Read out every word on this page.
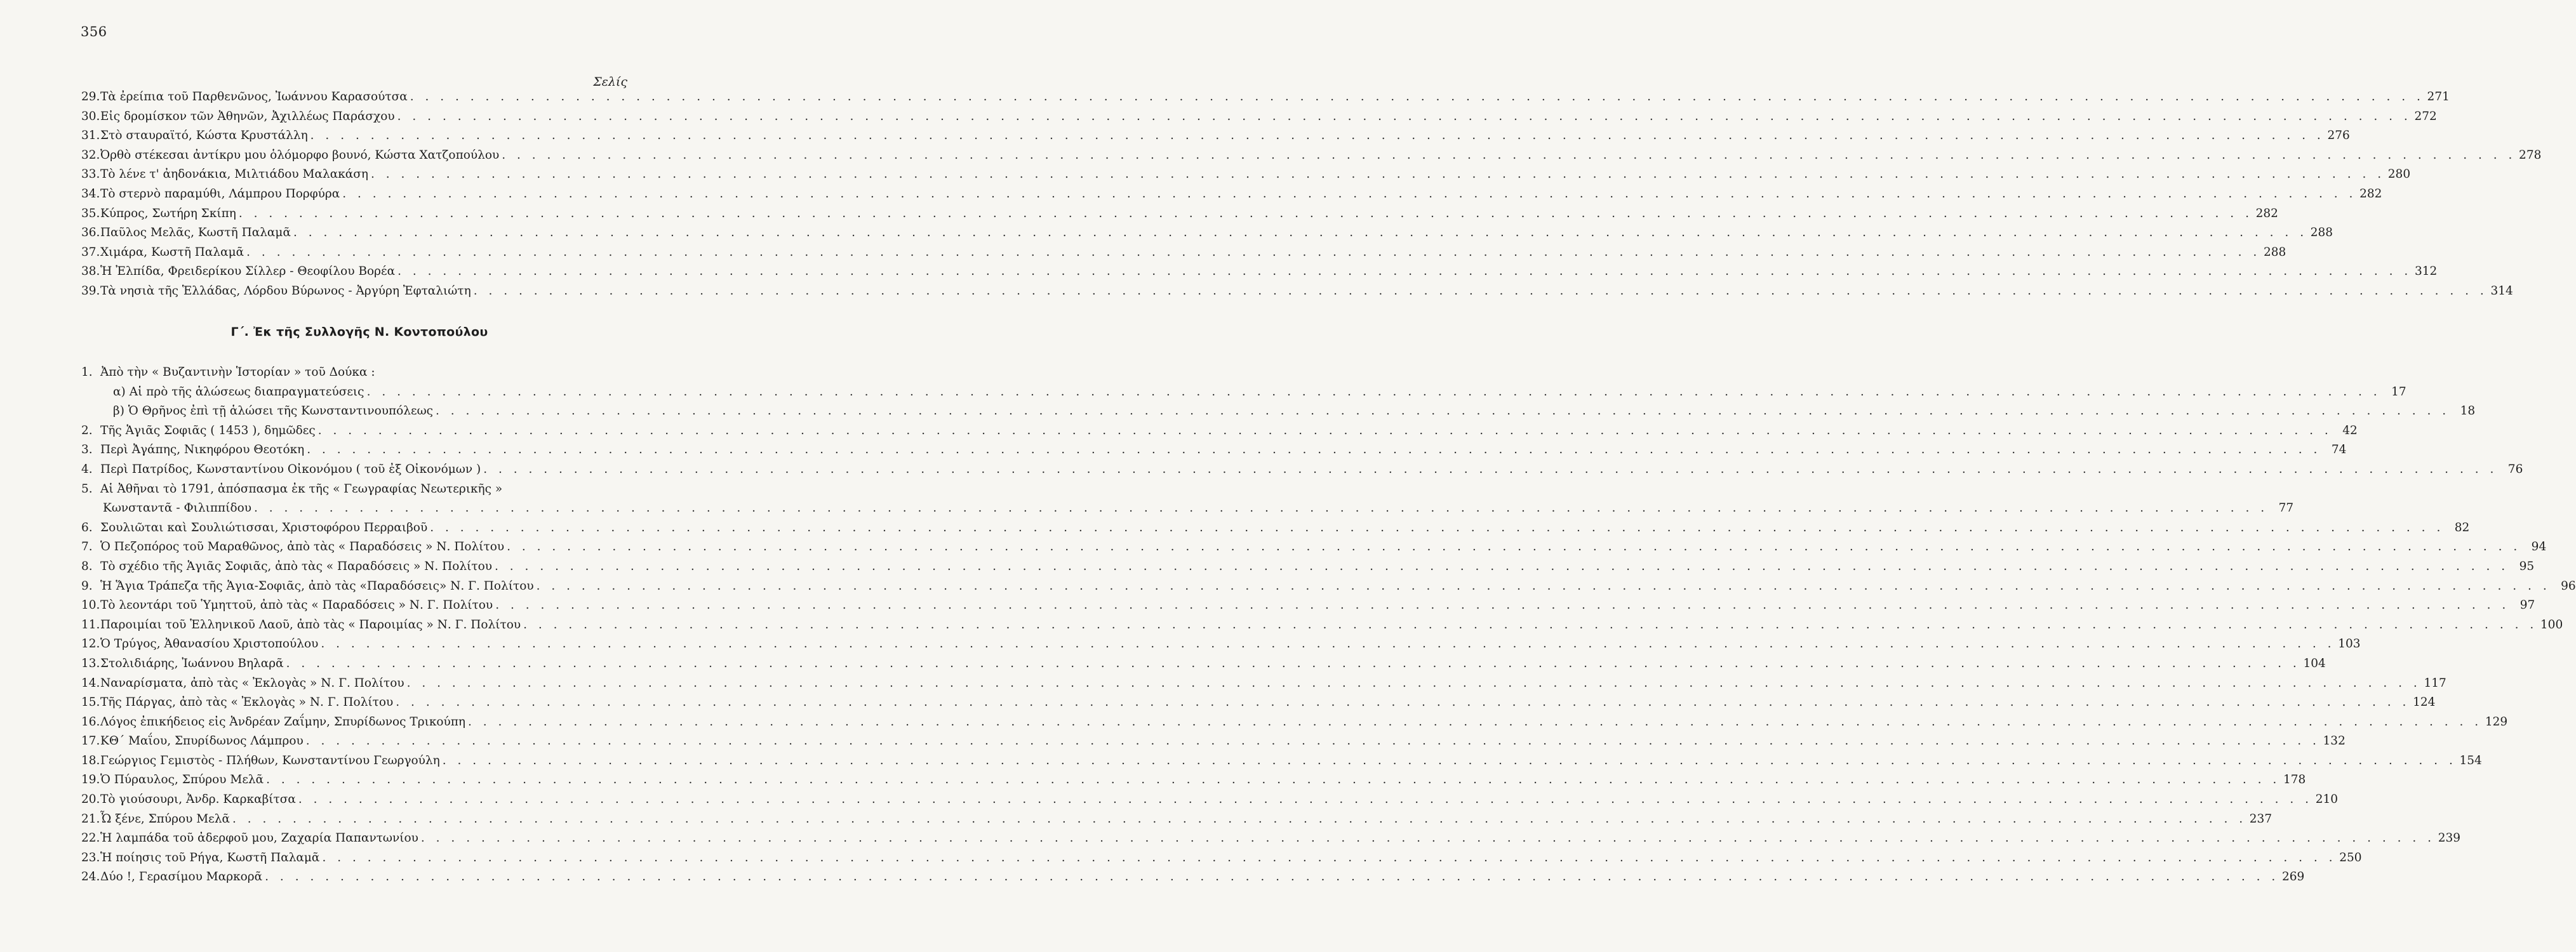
356
Σελίς
29. Τὰ ἐρείπια τοῦ Παρθενῶνος, Ἰωάννου Καρασούτσα . . .	271
30. Εἰς δρομίσκον τῶν Ἀθηνῶν, Ἀχιλλέως Παράσχου . . .	272
31. Στὸ σταυραϊτό, Κώστα Κρυστάλλη . . .	276
32. Ὀρθὸ στέκεσαι ἀντίκρυ μου ὁλόμορφο βουνό, Κώστα Χατζοπούλου . . .	278
33. Τὸ λένε τ' ἀηδονάκια, Μιλτιάδου Μαλακάση . . .	280
34. Τὸ στερνὸ παραμύθι, Λάμπρου Πορφύρα . . .	282
35. Κύπρος, Σωτήρη Σκίπη . . .	282
36. Παῦλος Μελᾶς, Κωστῆ Παλαμᾶ . . .	288
37. Χιμάρα, Κωστῆ Παλαμᾶ . . .	288
38. Ἡ Ἐλπίδα, Φρειδερίκου Σίλλερ - Θεοφίλου Βορέα . . .	312
39. Τὰ νησιὰ τῆς Ἑλλάδας, Λόρδου Βύρωνος - Ἀργύρη Ἐφταλιώτη . . .	314
Γ΄. Ἐκ τῆς Συλλογῆς Ν. Κοντοπούλου
1. Ἀπὸ τὴν « Βυζαντινὴν Ἱστορίαν » τοῦ Δούκα :
α) Αἱ πρὸ τῆς ἁλώσεως διαπραγματεύσεις . . .	17
β) Ὁ Θρῆνος ἐπὶ τῇ ἁλώσει τῆς Κωνσταντινουπόλεως . . .	18
2. Τῆς Ἁγιᾶς Σοφιᾶς ( 1453 ), δημῶδες . . .	42
3. Περὶ Ἀγάπης, Νικηφόρου Θεοτόκη . . .	74
4. Περὶ Πατρίδος, Κωνσταντίνου Οἰκονόμου ( τοῦ ἐξ Οἰκονόμων ) . . .	76
5. Αἱ Ἀθῆναι τὸ 1791, ἀπόσπασμα ἐκ τῆς « Γεωγραφίας Νεωτερικῆς »
Κωνσταντᾶ - Φιλιππίδου . . .	77
6. Σουλιῶται καὶ Σουλιώτισσαι, Χριστοφόρου Περραιβοῦ . . .	82
7. Ὁ Πεζοπόρος τοῦ Μαραθῶνος, ἀπὸ τὰς « Παραδόσεις » Ν. Πολίτου . . .	94
8. Τὸ σχέδιο τῆς Ἁγιᾶς Σοφιᾶς, ἀπὸ τὰς « Παραδόσεις » Ν. Πολίτου . . .	95
9. Ἡ Ἅγια Τράπεζα τῆς Ἁγια-Σοφιᾶς, ἀπὸ τὰς «Παραδόσεις» Ν. Γ. Πολίτου . . .	96
10. Τὸ λεοντάρι τοῦ Ὑμηττοῦ, ἀπὸ τὰς « Παραδόσεις » Ν. Γ. Πολίτου . . .	97
11. Παροιμίαι τοῦ Ἑλληνικοῦ Λαοῦ, ἀπὸ τὰς « Παροιμίας » Ν. Γ. Πολίτου . . .	100
12. Ὁ Τρύγος, Ἀθανασίου Χριστοπούλου . . .	103
13. Στολιδιάρης, Ἰωάννου Βηλαρᾶ . . .	104
14. Ναναρίσματα, ἀπὸ τὰς « Ἐκλογὰς » Ν. Γ. Πολίτου . . .	117
15. Τῆς Πάργας, ἀπὸ τὰς « Ἐκλογὰς » Ν. Γ. Πολίτου . . .	124
16. Λόγος ἐπικήδειος εἰς Ἀνδρέαν Ζαΐμην, Σπυρίδωνος Τρικούπη . . .	129
17. ΚΘ΄ Μαΐου, Σπυρίδωνος Λάμπρου . . .	132
18. Γεώργιος Γεμιστὸς - Πλήθων, Κωνσταντίνου Γεωργούλη . . .	154
19. Ὁ Πύραυλος, Σπύρου Μελᾶ . . .	178
20. Τὸ γιούσουρι, Ἀνδρ. Καρκαβίτσα . . .	210
21. Ὦ ξένε, Σπύρου Μελᾶ . . .	237
22. Ἡ λαμπάδα τοῦ ἀδερφοῦ μου, Ζαχαρία Παπαντωνίου . . .	239
23. Ἡ ποίησις τοῦ Ρήγα, Κωστῆ Παλαμᾶ . . .	250
24. Δύο !, Γερασίμου Μαρκορᾶ . . .	269
